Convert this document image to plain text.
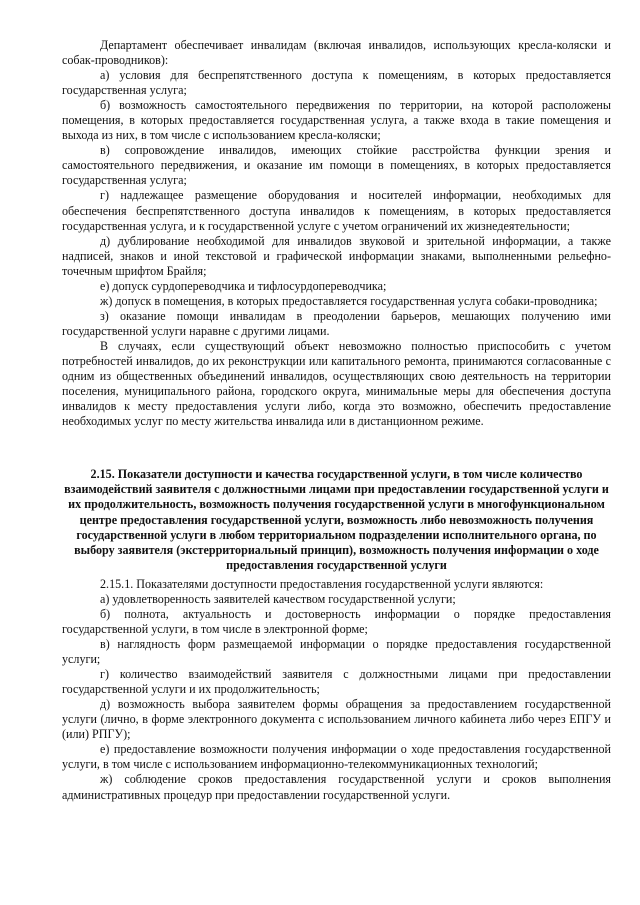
Департамент обеспечивает инвалидам (включая инвалидов, использующих кресла-коляски и собак-проводников):

а) условия для беспрепятственного доступа к помещениям, в которых предоставляется государственная услуга;

б) возможность самостоятельного передвижения по территории, на которой расположены помещения, в которых предоставляется государственная услуга, а также входа в такие помещения и выхода из них, в том числе с использованием кресла-коляски;

в) сопровождение инвалидов, имеющих стойкие расстройства функции зрения и самостоятельного передвижения, и оказание им помощи в помещениях, в которых предоставляется государственная услуга;

г) надлежащее размещение оборудования и носителей информации, необходимых для обеспечения беспрепятственного доступа инвалидов к помещениям, в которых предоставляется государственная услуга, и к государственной услуге с учетом ограничений их жизнедеятельности;

д) дублирование необходимой для инвалидов звуковой и зрительной информации, а также надписей, знаков и иной текстовой и графической информации знаками, выполненными рельефно-точечным шрифтом Брайля;

е) допуск сурдопереводчика и тифлосурдопереводчика;

ж) допуск в помещения, в которых предоставляется государственная услуга собаки-проводника;

з) оказание помощи инвалидам в преодолении барьеров, мешающих получению ими государственной услуги наравне с другими лицами.

В случаях, если существующий объект невозможно полностью приспособить с учетом потребностей инвалидов, до их реконструкции или капитального ремонта, принимаются согласованные с одним из общественных объединений инвалидов, осуществляющих свою деятельность на территории поселения, муниципального района, городского округа, минимальные меры для обеспечения доступа инвалидов к месту предоставления услуги либо, когда это возможно, обеспечить предоставление необходимых услуг по месту жительства инвалида или в дистанционном режиме.

2.15. Показатели доступности и качества государственной услуги, в том числе количество взаимодействий заявителя с должностными лицами при предоставлении государственной услуги и их продолжительность, возможность получения государственной услуги в многофункциональном центре предоставления государственной услуги, возможность либо невозможность получения государственной услуги в любом территориальном подразделении исполнительного органа, по выбору заявителя (экстерриториальный принцип), возможность получения информации о ходе предоставления государственной услуги

2.15.1. Показателями доступности предоставления государственной услуги являются:

а) удовлетворенность заявителей качеством государственной услуги;

б) полнота, актуальность и достоверность информации о порядке предоставления государственной услуги, в том числе в электронной форме;

в) наглядность форм размещаемой информации о порядке предоставления государственной услуги;

г) количество взаимодействий заявителя с должностными лицами при предоставлении государственной услуги и их продолжительность;

д) возможность выбора заявителем формы обращения за предоставлением государственной услуги (лично, в форме электронного документа с использованием личного кабинета либо через ЕПГУ и (или) РПГУ);

е) предоставление возможности получения информации о ходе предоставления государственной услуги, в том числе с использованием информационно-телекоммуникационных технологий;

ж) соблюдение сроков предоставления государственной услуги и сроков выполнения административных процедур при предоставлении государственной услуги.
